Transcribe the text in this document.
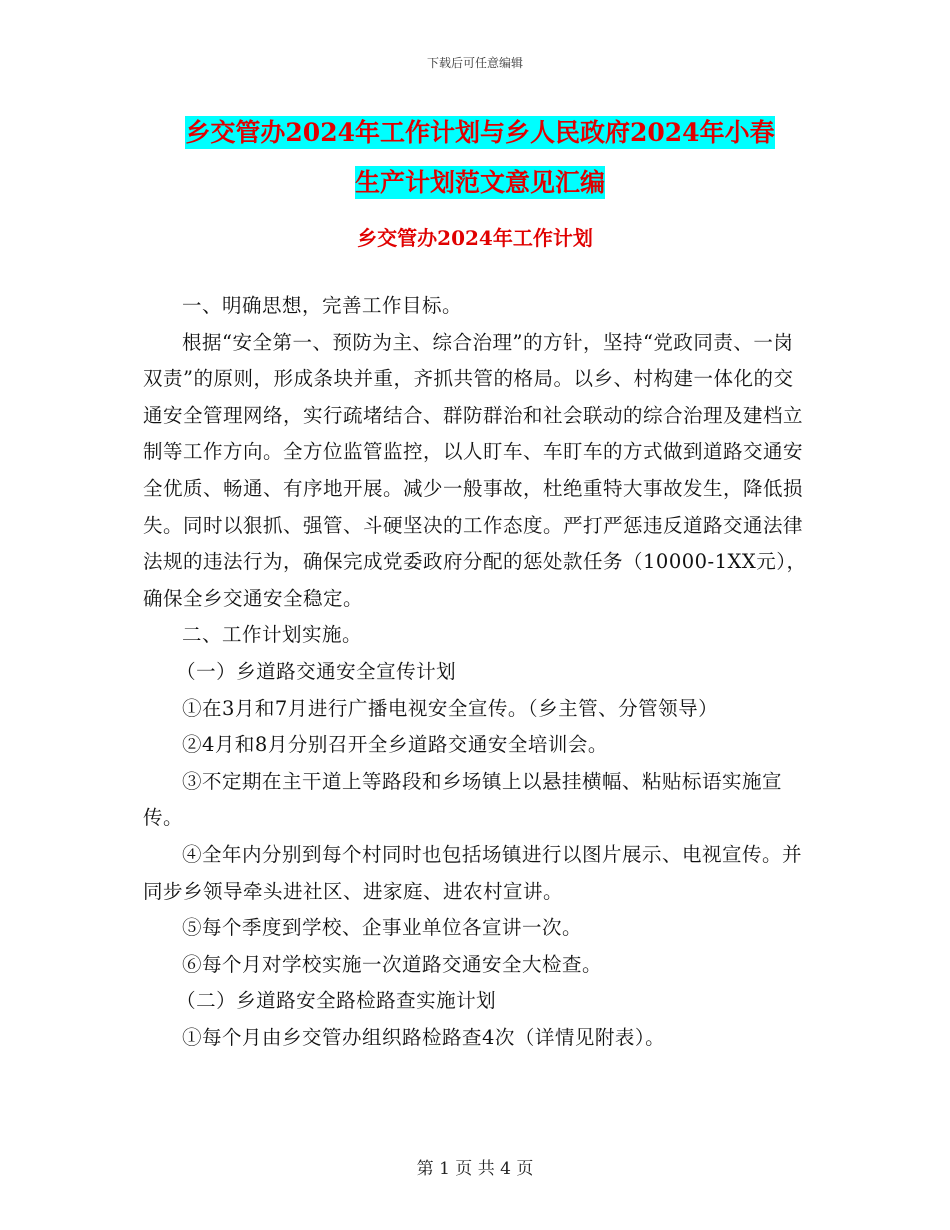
下载后可任意编辑
乡交管办2024年工作计划与乡人民政府2024年小春
生产计划范文意见汇编
乡交管办2024年工作计划

一、明确思想，完善工作目标。

根据“安全第一、预防为主、综合治理”的方针，坚持“党政同责、一岗双责”的原则，形成条块并重，齐抓共管的格局。以乡、村构建一体化的交通安全管理网络，实行疏堵结合、群防群治和社会联动的综合治理及建档立制等工作方向。全方位监管监控，以人盯车、车盯车的方式做到道路交通安全优质、畅通、有序地开展。减少一般事故，杜绝重特大事故发生，降低损失。同时以狠抓、强管、斗硬坚决的工作态度。严打严惩违反道路交通法律法规的违法行为，确保完成党委政府分配的惩处款任务（10000-1XX元），确保全乡交通安全稳定。

二、工作计划实施。

（一）乡道路交通安全宣传计划

①在3月和7月进行广播电视安全宣传。（乡主管、分管领导）

②4月和8月分别召开全乡道路交通安全培训会。

③不定期在主干道上等路段和乡场镇上以悬挂横幅、粘贴标语实施宣传。

④全年内分别到每个村同时也包括场镇进行以图片展示、电视宣传。并同步乡领导牵头进社区、进家庭、进农村宣讲。

⑤每个季度到学校、企事业单位各宣讲一次。

⑥每个月对学校实施一次道路交通安全大检查。

（二）乡道路安全路检路查实施计划

①每个月由乡交管办组织路检路查4次（详情见附表）。

第 1 页 共 4 页
